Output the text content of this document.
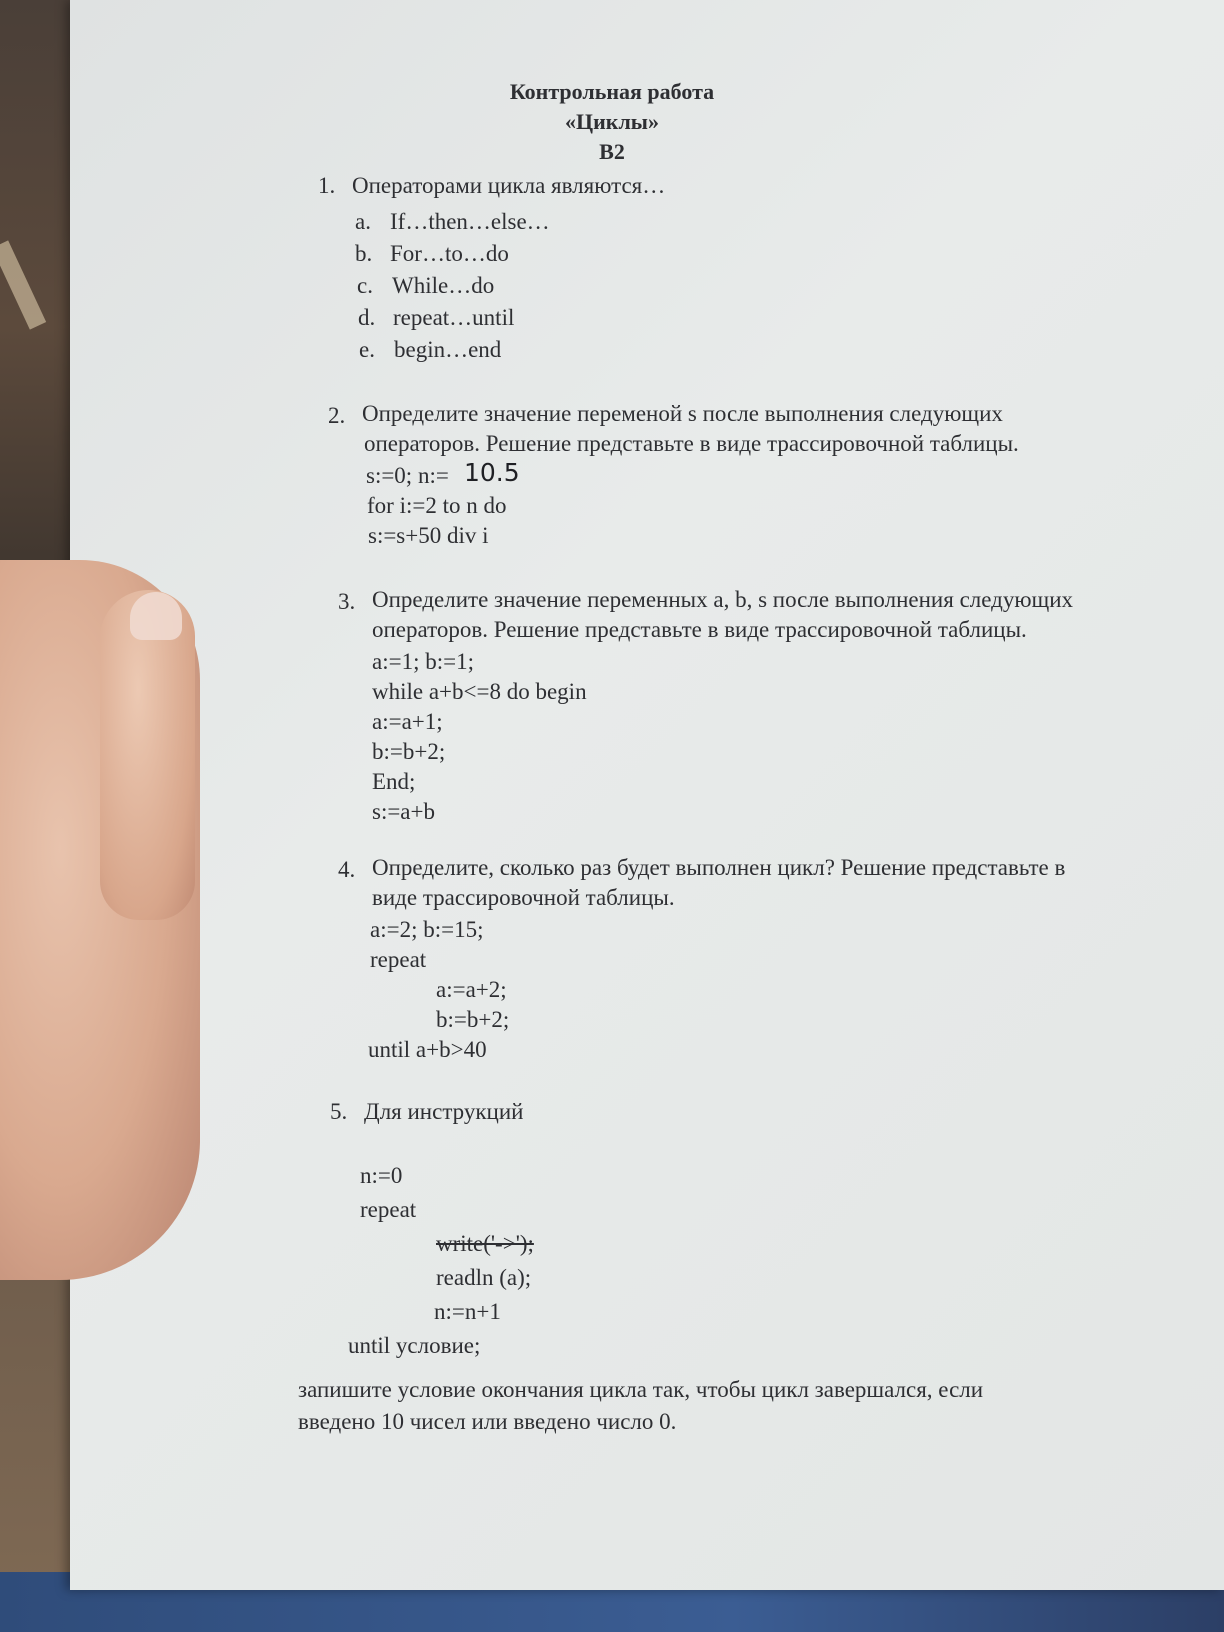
Контрольная работа
«Циклы»
В2
1. Операторами цикла являются…
a. If…then…else…
b. For…to…do
c. While…do
d. repeat…until
e. begin…end
2. Определите значение переменой s после выполнения следующих
операторов. Решение представьте в виде трассировочной таблицы.
s:=0; n:= 10.5
for i:=2 to n do
s:=s+50 div i
3. Определите значение переменных a, b, s после выполнения следующих
операторов. Решение представьте в виде трассировочной таблицы.
a:=1; b:=1;
while a+b<=8 do begin
a:=a+1;
b:=b+2;
End;
s:=a+b
4. Определите, сколько раз будет выполнен цикл? Решение представьте в
виде трассировочной таблицы.
a:=2; b:=15;
repeat
a:=a+2;
b:=b+2;
until a+b>40
5. Для инструкций
n:=0
repeat
write('->');
readln (a);
n:=n+1
until условие;
запишите условие окончания цикла так, чтобы цикл завершался, если
введено 10 чисел или введено число 0.
